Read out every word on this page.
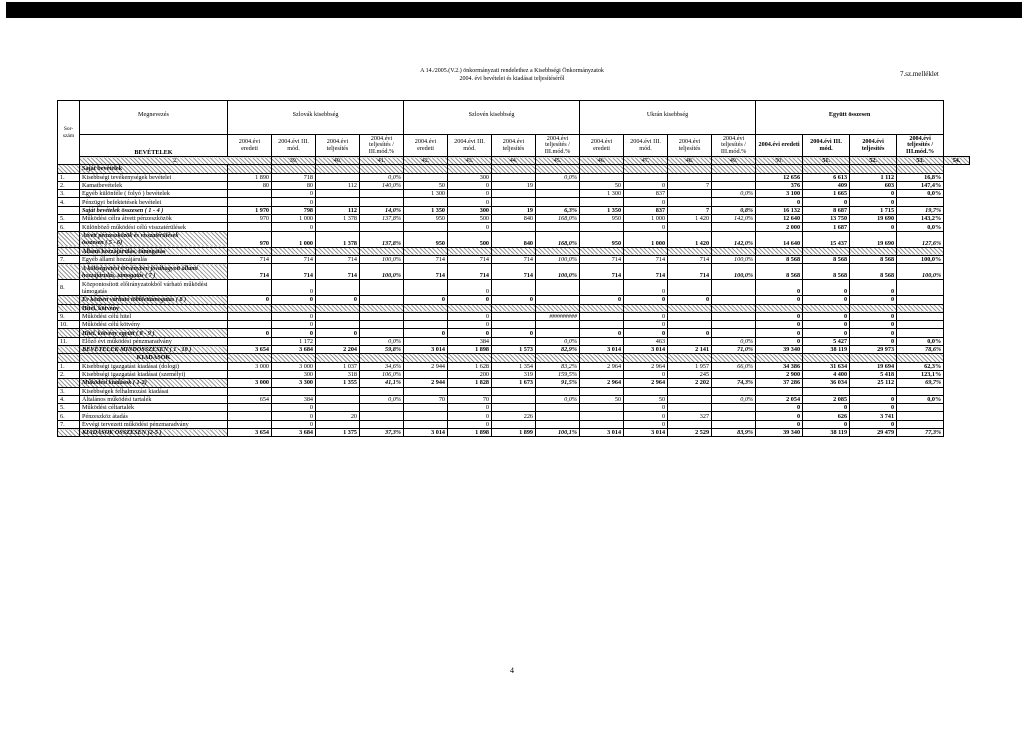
A 14./2005.(V.2.) önkormányzati rendelethez a Kisebbségi Önkormányzatok
2004. évi bevételei és kiadásai teljesítéséről
7.sz.melléklet
Sor-szám	Megnevezés	Szlovák kisebbség				Szlovén kisebbség				Ukrán kisebbség				Együtt összesen				
	BEVÉTELEK	2004.évi eredeti	2004.évi III. mód.	2004.évi teljesítés	2004.évi teljesítés / III.mód.%	2004.évi eredeti	2004.évi III. mód.	2004.évi teljesítés	2004.évi teljesítés / III.mód.%	2004.évi eredeti	2004.évi III. mód.	2004.évi teljesítés	2004.évi teljesítés / III.mód.%	2004.évi eredeti	2004.évi III. mód.	2004.évi teljesítés	2004.évi teljesítés / III.mód.%	
	2.		39.	40.	41.	42.	43.	44.	45.	46.	47.	48.	49.	50.	51.	52.	53.	54.
	Saját bevételek																	
1.	Kisebbségi tevékenységek bevételei	1 890	718		0,0%		300		0,0%					12 656	6 613	1 112	16,8%	
2.	Kamatbevételek	80	80	112	140,0%	50	0	19		50	0	7		376	409	603	147,4%	
3.	Egyéb különféle ( folyó ) bevételek		0			1 300	0			1 300	837		0,0%	3 100	1 665	0	0,0%	
4.	Pénzügyi befektetések bevételei		0				0				0			0	0	0		
	Saját bevételek összesen ( 1 - 4 )	1 970	798	112	14,0%	1 350	300	19	6,3%	1 350	837	7	0,8%	16 132	8 687	1 715	19,7%	
5.	Működési célra átvett pénzeszközök	970	1 000	1 378	137,8%	950	500	840	168,0%	950	1 000	1 420	142,0%	12 640	13 750	19 690	143,2%	
6.	Különböző működési célú visszatérülések		0				0				0			2 000	1 687	0	0,0%	

	Átvett pénzeszközök és visszatérülések
összesen ( 5 - 6)	970	1 000	1 378	137,8%	950	500	840	168,0%	950	1 000	1 420	142,0%	14 640	15 437	19 690	127,6%	
	Állami hozzájárulás, támogatás																	
7.	Egyéb állami hozzájárulás	714	714	714	100,0%	714	714	714	100,0%	714	714	714	100,0%	8 568	8 568	8 568	100,0%	

	A költségvetési törvényben jóváhagyott állami
hozzájárulás, támogatás ( 7 )	714	714	714	100,0%	714	714	714	100,0%	714	714	714	100,0%	8 568	8 568	8 568	100,0%	
8.	Központosított előirányzatokból várható működési
támogatás		0				0				0			0	0	0		
	Év közben várható többlettámogatás ( 8 )	0	0	0		0	0	0		0	0	0		0	0	0		
	Hitel, kötvény																	
9.	Működési célú hitel		0				0		#########		0			0	0	0		
10.	Működési célú kötvény		0				0				0			0	0	0		
	Hitel, kötvény együtt ( 8 - 9 )	0	0	0		0	0	0		0	0	0		0	0	0		
11.	Előző évi működési pénzmaradvány		1 172		0,0%		384		0,0%		463		0,0%	0	5 427	0	0,0%	
	BEVÉTELEK MINDÖSSZESEN ( 1 - 10 )	3 654	3 684	2 204	59,8%	3 014	1 898	1 573	82,9%	3 014	3 014	2 141	71,0%	39 340	38 119	29 973	78,6%	
	KIADÁSOK																	
1.	Kisebbségi igazgatási kiadásai (dologi)	3 000	3 000	1 037	34,6%	2 944	1 628	1 354	83,2%	2 964	2 964	1 957	66,0%	34 386	31 634	19 694	62,3%	
2.	Kisebbségi igazgatási kiadásai (személyi)		300	318	106,0%		200	319	159,5%		0	245		2 900	4 400	5 418	123,1%	
	Működési kiadások ( 1-2)	3 000	3 300	1 355	41,1%	2 944	1 828	1 673	91,5%	2 964	2 964	2 202	74,3%	37 286	36 034	25 112	69,7%	
3.	Kisebbségek felhalmozási kiadásai																	
4.	Általános működési tartalék	654	384		0,0%	70	70		0,0%	50	50		0,0%	2 054	2 085	0	0,0%	
5.	Működési céltartalék		0				0				0			0	0	0		
6.	Pénzeszköz átadás		0	20			0	226			0	327		0	626	3 741		
7.	Évvégi tervezett működési pénzmaradvány		0				0				0			0	0	0		
	KIADÁSOK ÖSSZESEN (2-5 )	3 654	3 684	1 375	37,3%	3 014	1 898	1 899	100,1%	3 014	3 014	2 529	83,9%	39 340	38 119	29 479	77,3%	
4
